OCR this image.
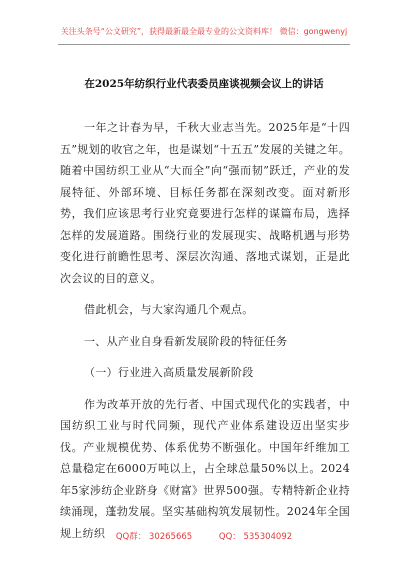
关注头条号“公文研究”，获得最新最全最专业的公文资料库！ 微信：gongwenyj
在2025年纺织行业代表委员座谈视频会议上的讲话

一年之计春为早，千秋大业志当先。2025年是“十四五”规划的收官之年，也是谋划“十五五”发展的关键之年。随着中国纺织工业从“大而全”向“强而韧”跃迁，产业的发展特征、外部环境、目标任务都在深刻改变。面对新形势，我们应该思考行业究竟要进行怎样的谋篇布局，选择怎样的发展道路。围绕行业的发展现实、战略机遇与形势变化进行前瞻性思考、深层次沟通、落地式谋划，正是此次会议的目的意义。

借此机会，与大家沟通几个观点。

一、从产业自身看新发展阶段的特征任务

（一）行业进入高质量发展新阶段

作为改革开放的先行者、中国式现代化的实践者，中国纺织工业与时代同频，现代产业体系建设迈出坚实步伐。产业规模优势、体系优势不断强化。中国年纤维加工总量稳定在6000万吨以上，占全球总量50%以上。2024年5家涉纺企业跻身《财富》世界500强。专精特新企业持续涌现，蓬勃发展。坚实基础构筑发展韧性。2024年全国规上纺织	QQ群： 30265665	QQ： 535304092
